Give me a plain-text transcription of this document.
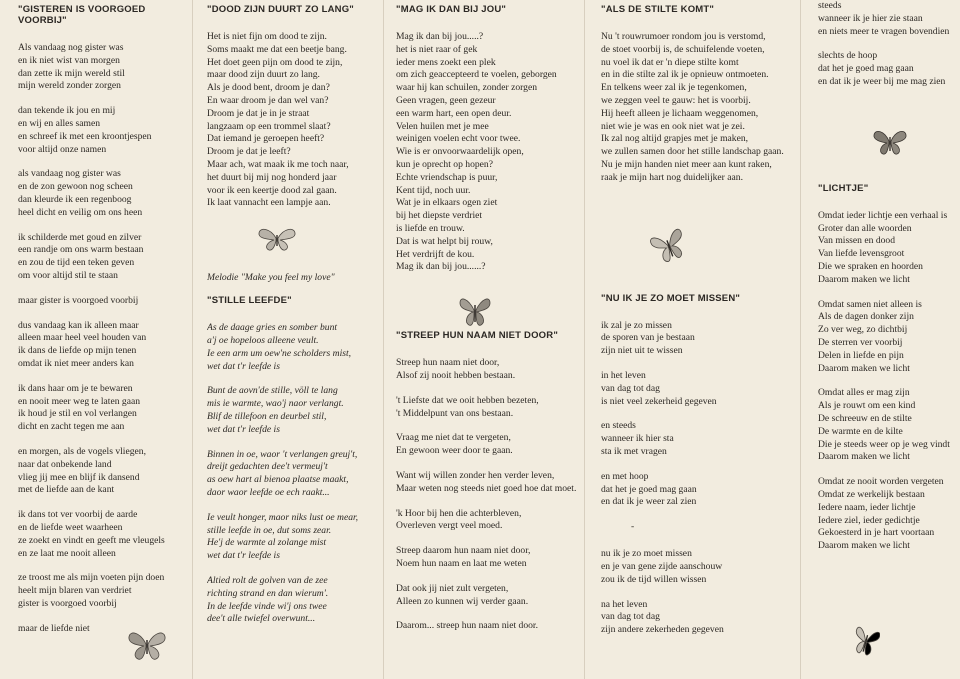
"GISTEREN IS VOORGOED VOORBIJ"
Als vandaag nog gister was
en ik niet wist van morgen
dan zette ik mijn wereld stil
mijn wereld zonder zorgen
dan tekende ik jou en mij
en wij en alles samen
en schreef ik met een kroontjespen
voor altijd onze namen
als vandaag nog gister was
en de zon gewoon nog scheen
dan kleurde ik een regenboog
heel dicht en veilig om ons heen
ik schilderde met goud en zilver
een randje om ons warm bestaan
en zou de tijd een teken geven
om voor altijd stil te staan
maar gister is voorgoed voorbij
dus vandaag kan ik alleen maar
alleen maar heel veel houden van
ik dans de liefde op mijn tenen
omdat ik niet meer anders kan
ik dans haar om je te bewaren
en nooit meer weg te laten gaan
ik houd je stil en vol verlangen
dicht en zacht tegen me aan
en morgen, als de vogels vliegen,
naar dat onbekende land
vlieg jij mee en blijf ik dansend
met de liefde aan de kant
ik dans tot ver voorbij de aarde
en de liefde weet waarheen
ze zoekt en vindt en geeft me vleugels
en ze laat me nooit alleen
ze troost me als mijn voeten pijn doen
heelt mijn blaren van verdriet
gister is voorgoed voorbij
maar de liefde niet
"DOOD ZIJN DUURT ZO LANG"
Het is niet fijn om dood te zijn.
Soms maakt me dat een beetje bang.
Het doet geen pijn om dood te zijn,
maar dood zijn duurt zo lang.
Als je dood bent, droom je dan?
En waar droom je dan wel van?
Droom je dat je in je straat
langzaam op een trommel slaat?
Dat iemand je geroepen heeft?
Droom je dat je leeft?
Maar ach, wat maak ik me toch naar,
het duurt bij mij nog honderd jaar
voor ik een keertje dood zal gaan.
Ik laat vannacht een lampje aan.
Melodie "Make you feel my love"
"STILLE LEEFDE"
As de daage gries en somber bunt
a'j oe hopeloos alleene veult.
Ie een arm um oew'ne scholders mist,
wet dat t'r leefde is
Bunt de aovn'de stille, völl te lang
mis ie warmte, wao'j naor verlangt.
Blif de tillefoon en deurbel stil,
wet dat t'r leefde is
Binnen in oe, waor 't verlangen greuj't,
dreijt gedachten dee't vermeuj't
as oew hart al bienoa plaatse maakt,
daor waor leefde oe ech raakt...
Ie veult honger, maor niks lust oe mear,
stille leefde in oe, dut soms zear.
He'j de warmte al zolange mist
wet dat t'r leefde is
Altied rolt de golven van de zee
richting strand en dan wierum'.
In de leefde vinde wi'j ons twee
dee't alle twiefel overwunt...
"MAG IK DAN BIJ JOU"
Mag ik dan bij jou.....?
het is niet raar of gek
ieder mens zoekt een plek
om zich geaccepteerd te voelen, geborgen
waar hij kan schuilen, zonder zorgen
Geen vragen, geen gezeur
een warm hart, een open deur.
Velen huilen met je mee
weinigen voelen echt voor twee.
Wie is er onvoorwaardelijk open,
kun je oprecht op hopen?
Echte vriendschap is puur,
Kent tijd, noch uur.
Wat je in elkaars ogen ziet
bij het diepste verdriet
is liefde en trouw.
Dat is wat helpt bij rouw,
Het verdrijft de kou.
Mag ik dan bij jou......?
"STREEP HUN NAAM NIET DOOR"
Streep hun naam niet door,
Alsof zij nooit hebben bestaan.
't Liefste dat we ooit hebben bezeten,
't Middelpunt van ons bestaan.
Vraag me niet dat te vergeten,
En gewoon weer door te gaan.
Want wij willen zonder hen verder leven,
Maar weten nog steeds niet goed hoe dat moet.
'k Hoor bij hen die achterbleven,
Overleven vergt veel moed.
Streep daarom hun naam niet door,
Noem hun naam en laat me weten
Dat ook jij niet zult vergeten,
Alleen zo kunnen wij verder gaan.
Daarom... streep hun naam niet door.
"ALS DE STILTE KOMT"
Nu 't rouwrumoer rondom jou is verstomd,
de stoet voorbij is, de schuifelende voeten,
nu voel ik dat er 'n diepe stilte komt
en in die stilte zal ik je opnieuw ontmoeten.
En telkens weer zal ik je tegenkomen,
we zeggen veel te gauw: het is voorbij.
Hij heeft alleen je lichaam weggenomen,
niet wie je was en ook niet wat je zei.
Ik zal nog altijd grapjes met je maken,
we zullen samen door het stille landschap gaan.
Nu je mijn handen niet meer aan kunt raken,
raak je mijn hart nog duidelijker aan.
"NU IK JE ZO MOET MISSEN"
ik zal je zo missen
de sporen van je bestaan
zijn niet uit te wissen
in het leven
van dag tot dag
is niet veel zekerheid gegeven
en steeds
wanneer ik hier sta
sta ik met vragen
en met hoop
dat het je goed mag gaan
en dat ik je weer zal zien
-
nu ik je zo moet missen
en je van gene zijde aanschouw
zou ik de tijd willen wissen
na het leven
van dag tot dag
zijn andere zekerheden gegeven
steeds
wanneer ik je hier zie staan
en niets meer te vragen bovendien
slechts de hoop
dat het je goed mag gaan
en dat ik je weer bij me mag zien
"LICHTJE"
Omdat ieder lichtje een verhaal is
Groter dan alle woorden
Van missen en dood
Van liefde levensgroot
Die we spraken en hoorden
Daarom maken we licht
Omdat samen niet alleen is
Als de dagen donker zijn
Zo ver weg, zo dichtbij
De sterren ver voorbij
Delen in liefde en pijn
Daarom maken we licht
Omdat alles er mag zijn
Als je rouwt om een kind
De schreeuw en de stilte
De warmte en de kilte
Die je steeds weer op je weg vindt
Daarom maken we licht
Omdat ze nooit worden vergeten
Omdat ze werkelijk bestaan
Iedere naam, ieder lichtje
Iedere ziel, ieder gedichtje
Gekoesterd in je hart voortaan
Daarom maken we licht
